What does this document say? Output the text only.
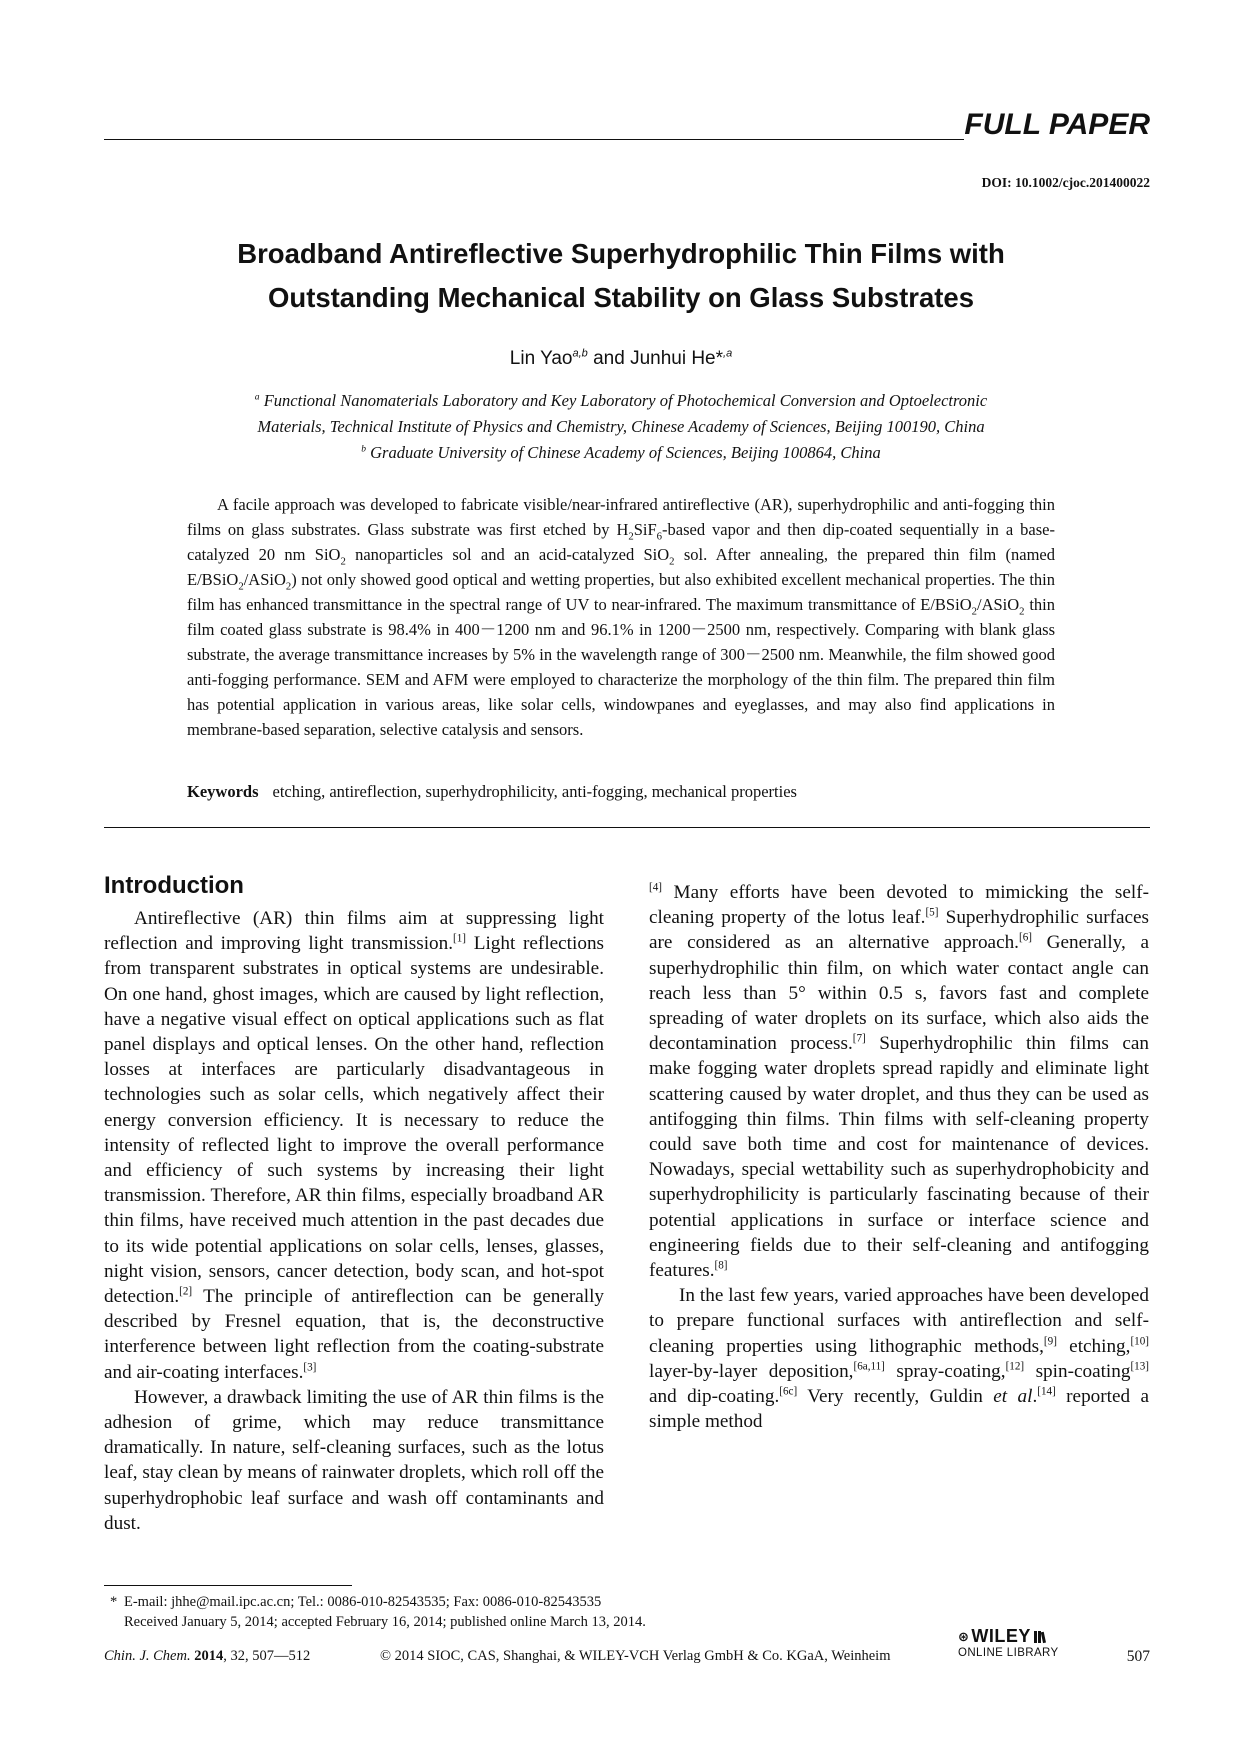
FULL PAPER
DOI: 10.1002/cjoc.201400022
Broadband Antireflective Superhydrophilic Thin Films with
Outstanding Mechanical Stability on Glass Substrates
Lin Yao$^{a,b}$ and Junhui He*$^{,a}$

$^a$ Functional Nanomaterials Laboratory and Key Laboratory of Photochemical Conversion and Optoelectronic

Materials, Technical Institute of Physics and Chemistry, Chinese Academy of Sciences, Beijing 100190, China

$^b$ Graduate University of Chinese Academy of Sciences, Beijing 100864, China

A facile approach was developed to fabricate visible/near-infrared antireflective (AR), superhydrophilic and anti-fogging thin films on glass substrates. Glass substrate was first etched by $H_2SiF_6$-based vapor and then dip-coated sequentially in a base-catalyzed 20 nm SiO$_2$ nanoparticles sol and an acid-catalyzed SiO$_2$ sol. After annealing, the prepared thin film (named E/BSiO$_2$/ASiO$_2$) not only showed good optical and wetting properties, but also exhibited excellent mechanical properties. The thin film has enhanced transmittance in the spectral range of UV to near-infrared. The maximum transmittance of E/BSiO$_2$/ASiO$_2$ thin film coated glass substrate is 98.4% in 400－1200 nm and 96.1% in 1200－2500 nm, respectively. Comparing with blank glass substrate, the average transmittance increases by 5% in the wavelength range of 300－2500 nm. Meanwhile, the film showed good anti-fogging performance. SEM and AFM were employed to characterize the morphology of the thin film. The prepared thin film has potential application in various areas, like solar cells, windowpanes and eyeglasses, and may also find applications in membrane-based separation, selective catalysis and sensors.

Keywords etching, antireflection, superhydrophilicity, anti-fogging, mechanical properties
Introduction

Antireflective (AR) thin films aim at suppressing light reflection and improving light transmission.[1] Light reflections from transparent substrates in optical systems are undesirable. On one hand, ghost images, which are caused by light reflection, have a negative visual effect on optical applications such as flat panel displays and optical lenses. On the other hand, reflection losses at interfaces are particularly disadvantageous in technologies such as solar cells, which negatively affect their energy conversion efficiency. It is necessary to reduce the intensity of reflected light to improve the overall performance and efficiency of such systems by increasing their light transmission. Therefore, AR thin films, especially broadband AR thin films, have received much attention in the past decades due to its wide potential applications on solar cells, lenses, glasses, night vision, sensors, cancer detection, body scan, and hot-spot detection.[2] The principle of antireflection can be generally described by Fresnel equation, that is, the deconstructive interference between light reflection from the coating-substrate and air-coating interfaces.[3]

However, a drawback limiting the use of AR thin films is the adhesion of grime, which may reduce transmittance dramatically. In nature, self-cleaning surfaces, such as the lotus leaf, stay clean by means of rainwater droplets, which roll off the superhydrophobic leaf surface and wash off contaminants and dust.

[4] Many efforts have been devoted to mimicking the self-cleaning property of the lotus leaf.[5] Superhydrophilic surfaces are considered as an alternative approach.[6] Generally, a superhydrophilic thin film, on which water contact angle can reach less than 5° within 0.5 s, favors fast and complete spreading of water droplets on its surface, which also aids the decontamination process.[7] Superhydrophilic thin films can make fogging water droplets spread rapidly and eliminate light scattering caused by water droplet, and thus they can be used as antifogging thin films. Thin films with self-cleaning property could save both time and cost for maintenance of devices. Nowadays, special wettability such as superhydrophobicity and superhydrophilicity is particularly fascinating because of their potential applications in surface or interface science and engineering fields due to their self-cleaning and antifogging features.[8]

In the last few years, varied approaches have been developed to prepare functional surfaces with antireflection and self-cleaning properties using lithographic methods,[9] etching,[10] layer-by-layer deposition,[6a,11] spray-coating,[12] spin-coating[13] and dip-coating.[6c] Very recently, Guldin et al.[14] reported a simple method

* E-mail: jhhe@mail.ipc.ac.cn; Tel.: 0086-010-82543535; Fax: 0086-010-82543535

Received January 5, 2014; accepted February 16, 2014; published online March 13, 2014.

Chin. J. Chem. 2014, 32, 507—512	© 2014 SIOC, CAS, Shanghai, & WILEY-VCH Verlag GmbH & Co. KGaA, Weinheim
⊛ WILEY
ONLINE LIBRARY	507
